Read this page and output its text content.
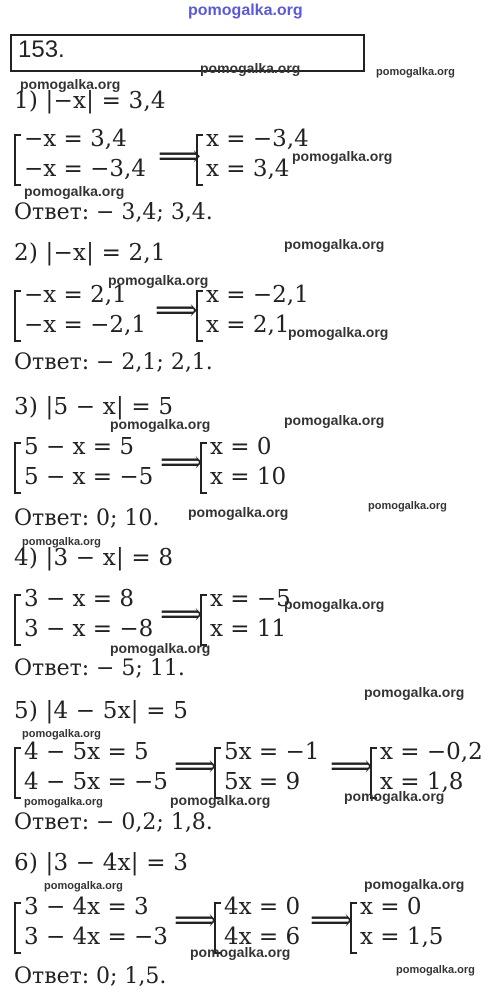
pomogalka.org
153.
1) |−x| = 3,4
−x = 3,4
−x = −3,4 ⟹ x = −3,4
x = 3,4
Ответ: − 3,4; 3,4.
2) |−x| = 2,1
−x = 2,1
−x = −2,1 ⟹ x = −2,1
x = 2,1
Ответ: − 2,1; 2,1.
3) |5 − x| = 5
5 − x = 5
5 − x = −5 ⟹ x = 0
x = 10
Ответ: 0; 10.
4) |3 − x| = 8
3 − x = 8
3 − x = −8 ⟹ x = −5
x = 11
Ответ: − 5; 11.
5) |4 − 5x| = 5
4 − 5x = 5
4 − 5x = −5 ⟹ 5x = −1
5x = 9 ⟹ x = −0,2
x = 1,8
Ответ: − 0,2; 1,8.
6) |3 − 4x| = 3
3 − 4x = 3
3 − 4x = −3 ⟹ 4x = 0
4x = 6 ⟹ x = 0
x = 1,5
Ответ: 0; 1,5.
pomogalka.org	pomogalka.org
pomogalka.org
pomogalka.org
pomogalka.org
pomogalka.org
pomogalka.org
pomogalka.org
pomogalka.org	pomogalka.org
pomogalka.org	pomogalka.org
pomogalka.org
pomogalka.org
pomogalka.org
pomogalka.org
pomogalka.org
pomogalka.org	pomogalka.org	pomogalka.org
pomogalka.org
pomogalka.org
pomogalka.org
pomogalka.org
